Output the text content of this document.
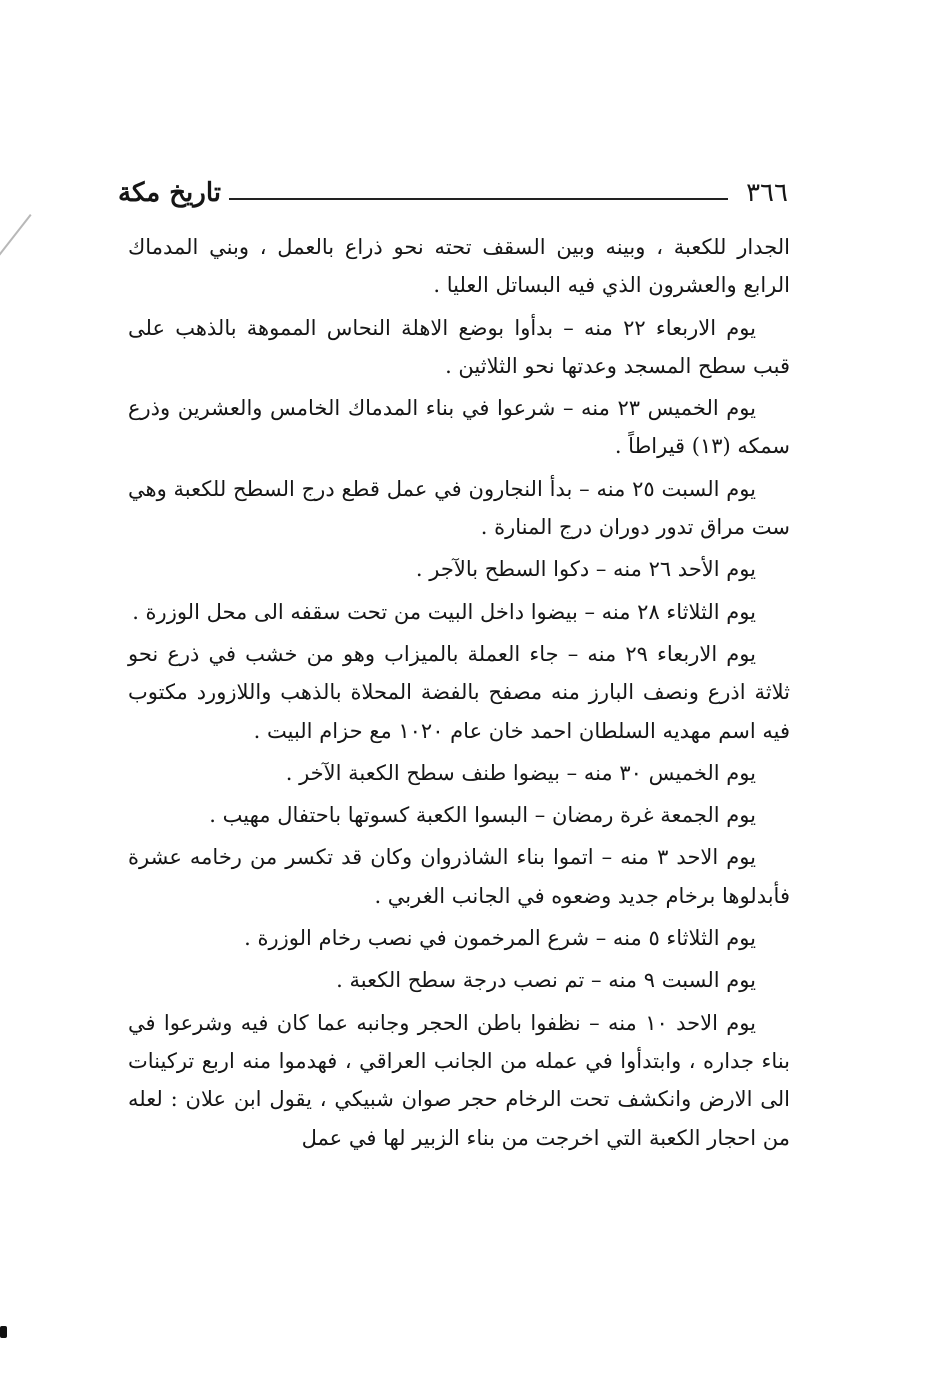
٣٦٦
تاريخ مكة

الجدار للكعبة ، وبينه وبين السقف تحته نحو ذراع بالعمل ، وبني المدماك الرابع والعشرون الذي فيه البساتل العليا .

يوم الاربعاء ٢٢ منه – بدأوا بوضع الاهلة النحاس المموهة بالذهب على قبب سطح المسجد وعدتها نحو الثلاثين .

يوم الخميس ٢٣ منه – شرعوا في بناء المدماك الخامس والعشرين وذرع سمكه (١٣) قيراطاً .

يوم السبت ٢٥ منه – بدأ النجارون في عمل قطع درج السطح للكعبة وهي ست مراق تدور دوران درج المنارة .

يوم الأحد ٢٦ منه – دكوا السطح بالآجر .

يوم الثلاثاء ٢٨ منه – بيضوا داخل البيت من تحت سقفه الى محل الوزرة .

يوم الاربعاء ٢٩ منه – جاء العملة بالميزاب وهو من خشب في ذرع نحو ثلاثة اذرع ونصف البارز منه مصفح بالفضة المحلاة بالذهب واللازورد مكتوب فيه اسم مهديه السلطان احمد خان عام ١٠٢٠ مع حزام البيت .

يوم الخميس ٣٠ منه – بيضوا طنف سطح الكعبة الآخر .

يوم الجمعة غرة رمضان – البسوا الكعبة كسوتها باحتفال مهيب .

يوم الاحد ٣ منه – اتموا بناء الشاذروان وكان قد تكسر من رخامه عشرة فأبدلوها برخام جديد وضعوه في الجانب الغربي .

يوم الثلاثاء ٥ منه – شرع المرخمون في نصب رخام الوزرة .

يوم السبت ٩ منه – تم نصب درجة سطح الكعبة .

يوم الاحد ١٠ منه – نظفوا باطن الحجر وجانبه عما كان فيه وشرعوا في بناء جداره ، وابتدأوا في عمله من الجانب العراقي ، فهدموا منه اربع تركينات الى الارض وانكشف تحت الرخام حجر صوان شبيكي ، يقول ابن علان : لعله من احجار الكعبة التي اخرجت من بناء الزبير لها في عمل
